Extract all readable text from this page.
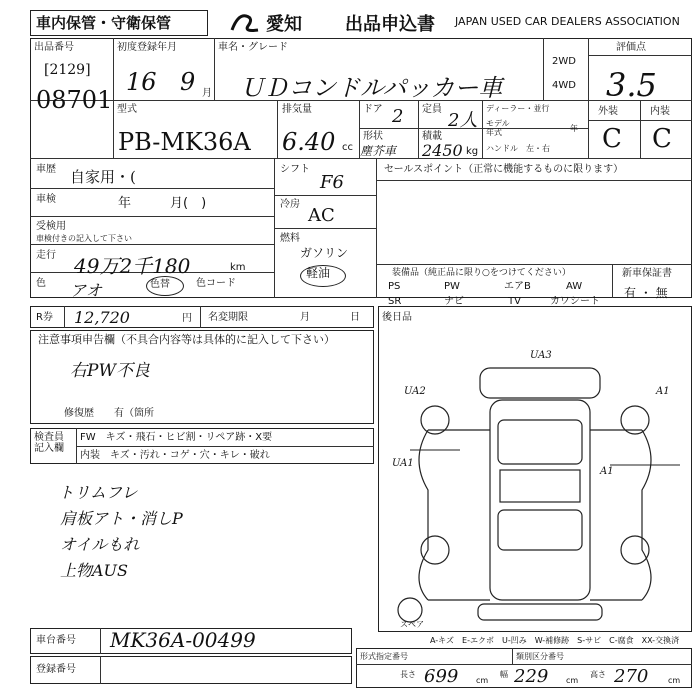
車内保管・守衛保管	愛知 出品申込書 JAPAN USED CAR DEALERS ASSOCIATION
出品番号
[2129]
08701
初度登録年月
16 9 月
車名・グレード
ＵＤコンドルパッカー車
2WD
4WD
評価点
3.5
型式
PB-MK36A
排気量
6.40 cc
ドア 2
形状
塵芥車
定員
2人
積載
2450 kg
ディーラー・並行
モデル
年式	年
ハンドル　左・右
外装	内装
C C
車歴 自家用・(
車検	年　　　月(　)
受検用
車検付きの記入して下さい
走行 49万2千180	km
色 アオ	色替	色コード
シフト
F6
冷房
AC
燃料
ガソリン
軽油
セールスポイント（正常に機能するものに限ります）
装備品（純正品に限り○をつけてください）
PS	PW	エアB	AW
SR	ナビ	TV	カワシート
新車保証書
有 ・ 無
R券 12,720	円 名変期限	月	日 後日品
注意事項申告欄（不具合内容等は具体的に記入して下さい）
右PW不良
修復歴　　有（箇所
検査員
記入欄
FW　キズ・飛石・ヒビ割・リペア跡・X要
内装　キズ・汚れ・コゲ・穴・キレ・破れ
トリムフレ
肩板アト・消しP
オイルもれ
上物AUS
UA3
UA2
UA1
A1
A1
スペア
A-キズ　E-エクボ　U-凹み　W-補修跡　S-サビ　C-腐食　XX-交換済
車台番号 MK36A-00499
登録番号
形式指定番号	類別区分番号
長さ 699 cm
幅 229 cm
高さ 270 cm
